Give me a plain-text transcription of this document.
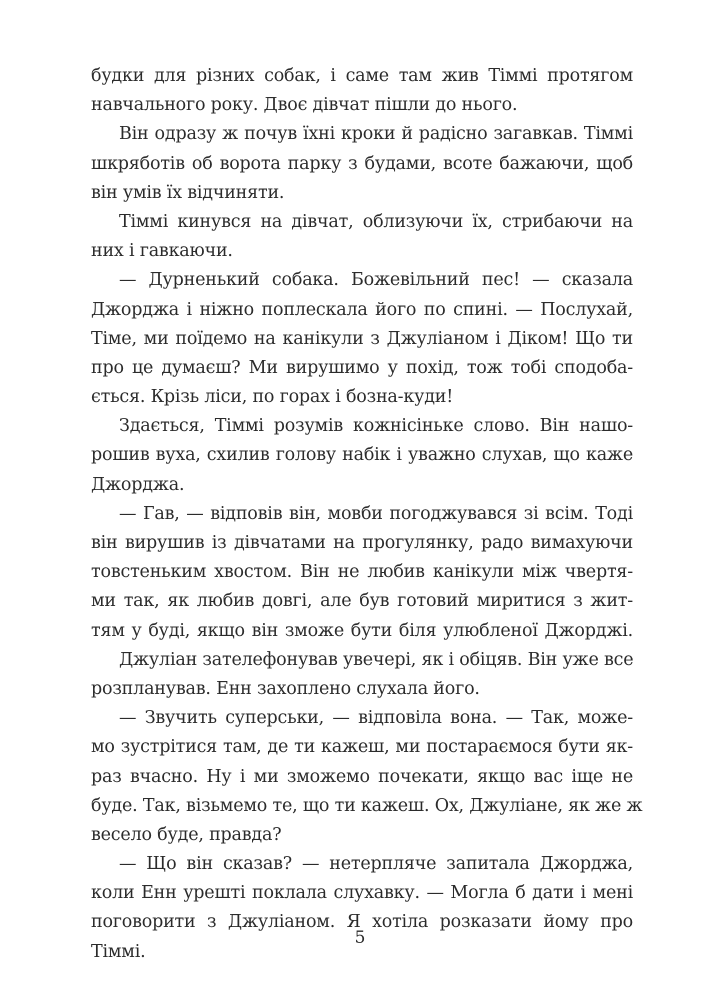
будки для різних собак, і саме там жив Тіммі протягом
навчального року. Двоє дівчат пішли до нього.
Він одразу ж почув їхні кроки й радісно загавкав. Тіммі
шкряботів об ворота парку з будами, всоте бажаючи, щоб
він умів їх відчиняти.
Тіммі кинувся на дівчат, облизуючи їх, стрибаючи на
них і гавкаючи.
— Дурненький собака. Божевільний пес! — сказала
Джорджа і ніжно поплескала його по спині. — Послухай,
Тіме, ми поїдемо на канікули з Джуліаном і Діком! Що ти
про це думаєш? Ми вирушимо у похід, тож тобі сподоба-
ється. Крізь ліси, по горах і бозна-куди!
Здається, Тіммі розумів кожнісіньке слово. Він нашо-
рошив вуха, схилив голову набік і уважно слухав, що каже
Джорджа.
— Гав, — відповів він, мовби погоджувався зі всім. Тоді
він вирушив із дівчатами на прогулянку, радо вимахуючи
товстеньким хвостом. Він не любив канікули між чвертя-
ми так, як любив довгі, але був готовий миритися з жит-
тям у буді, якщо він зможе бути біля улюбленої Джорджі.
Джуліан зателефонував увечері, як і обіцяв. Він уже все
розпланував. Енн захоплено слухала його.
— Звучить суперськи, — відповіла вона. — Так, може-
мо зустрітися там, де ти кажеш, ми постараємося бути як-
раз вчасно. Ну і ми зможемо почекати, якщо вас іще не
буде. Так, візьмемо те, що ти кажеш. Ох, Джуліане, як же ж
весело буде, правда?
— Що він сказав? — нетерпляче запитала Джорджа,
коли Енн урешті поклала слухавку. — Могла б дати і мені
поговорити з Джуліаном. Я хотіла розказати йому про
Тіммі.
5
